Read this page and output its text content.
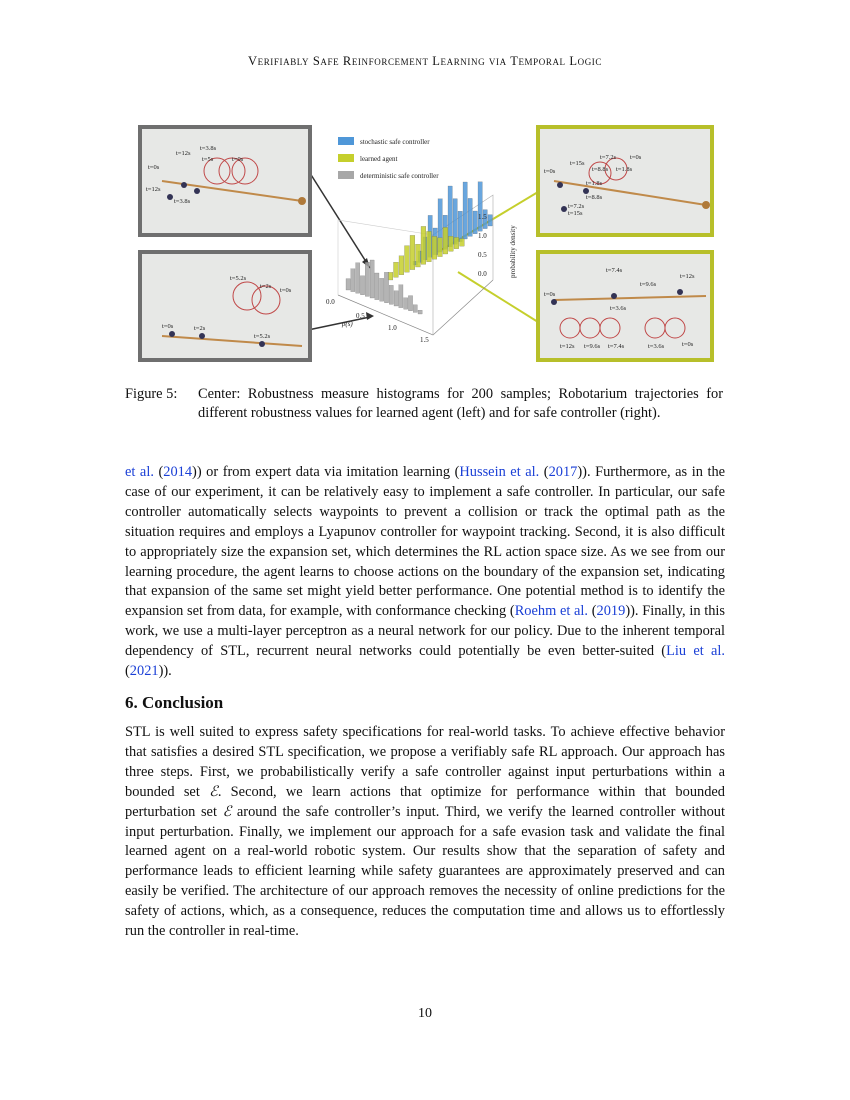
Verifiably Safe Reinforcement Learning via Temporal Logic
t=12s
t=3.8s
t=5s	t=0s
t=0s
t=12s
t=3.8s
t=5.2s
t=2s
t=0s
t=0s	t=2s
t=5.2s
t=7.2s t=0s
t=15s
t=8.8s t=1.8s
t=0s
t=1.8s
t=8.8s
t=7.2s
t=15s
t=7.4s
t=9.6s
t=12s
t=0s
t=3.6s
t=12s t=9.6s t=7.4s	t=3.6s	t=0s
stochastic safe controller
learned agent
deterministic safe controller
0.0
0.5
1.0
1.5
probability density
0.0
0.5
1.0
1.5
ρ(s)
Figure 5: Center: Robustness measure histograms for 200 samples; Robotarium trajectories for different robustness values for learned agent (left) and for safe controller (right).
et al. (2014)) or from expert data via imitation learning (Hussein et al. (2017)). Furthermore, as in the case of our experiment, it can be relatively easy to implement a safe controller. In particular, our safe controller automatically selects waypoints to prevent a collision or track the optimal path as the situation requires and employs a Lyapunov controller for waypoint tracking. Second, it is also difficult to appropriately size the expansion set, which determines the RL action space size. As we see from our learning procedure, the agent learns to choose actions on the boundary of the expansion set, indicating that expansion of the same set might yield better performance. One potential method is to identify the expansion set from data, for example, with conformance checking (Roehm et al. (2019)). Finally, in this work, we use a multi-layer perceptron as a neural network for our policy. Due to the inherent temporal dependency of STL, recurrent neural networks could potentially be even better-suited (Liu et al. (2021)).
6. Conclusion
STL is well suited to express safety specifications for real-world tasks. To achieve effective behavior that satisfies a desired STL specification, we propose a verifiably safe RL approach. Our approach has three steps. First, we probabilistically verify a safe controller against input perturbations within a bounded set ℰ. Second, we learn actions that optimize for performance within that bounded perturbation set ℰ around the safe controller’s input. Third, we verify the learned controller without input perturbation. Finally, we implement our approach for a safe evasion task and validate the final learned agent on a real-world robotic system. Our results show that the separation of safety and performance leads to efficient learning while safety guarantees are approximately preserved and can easily be verified. The architecture of our approach removes the necessity of online predictions for the safety of actions, which, as a consequence, reduces the computation time and allows us to effortlessly run the controller in real-time.
10
